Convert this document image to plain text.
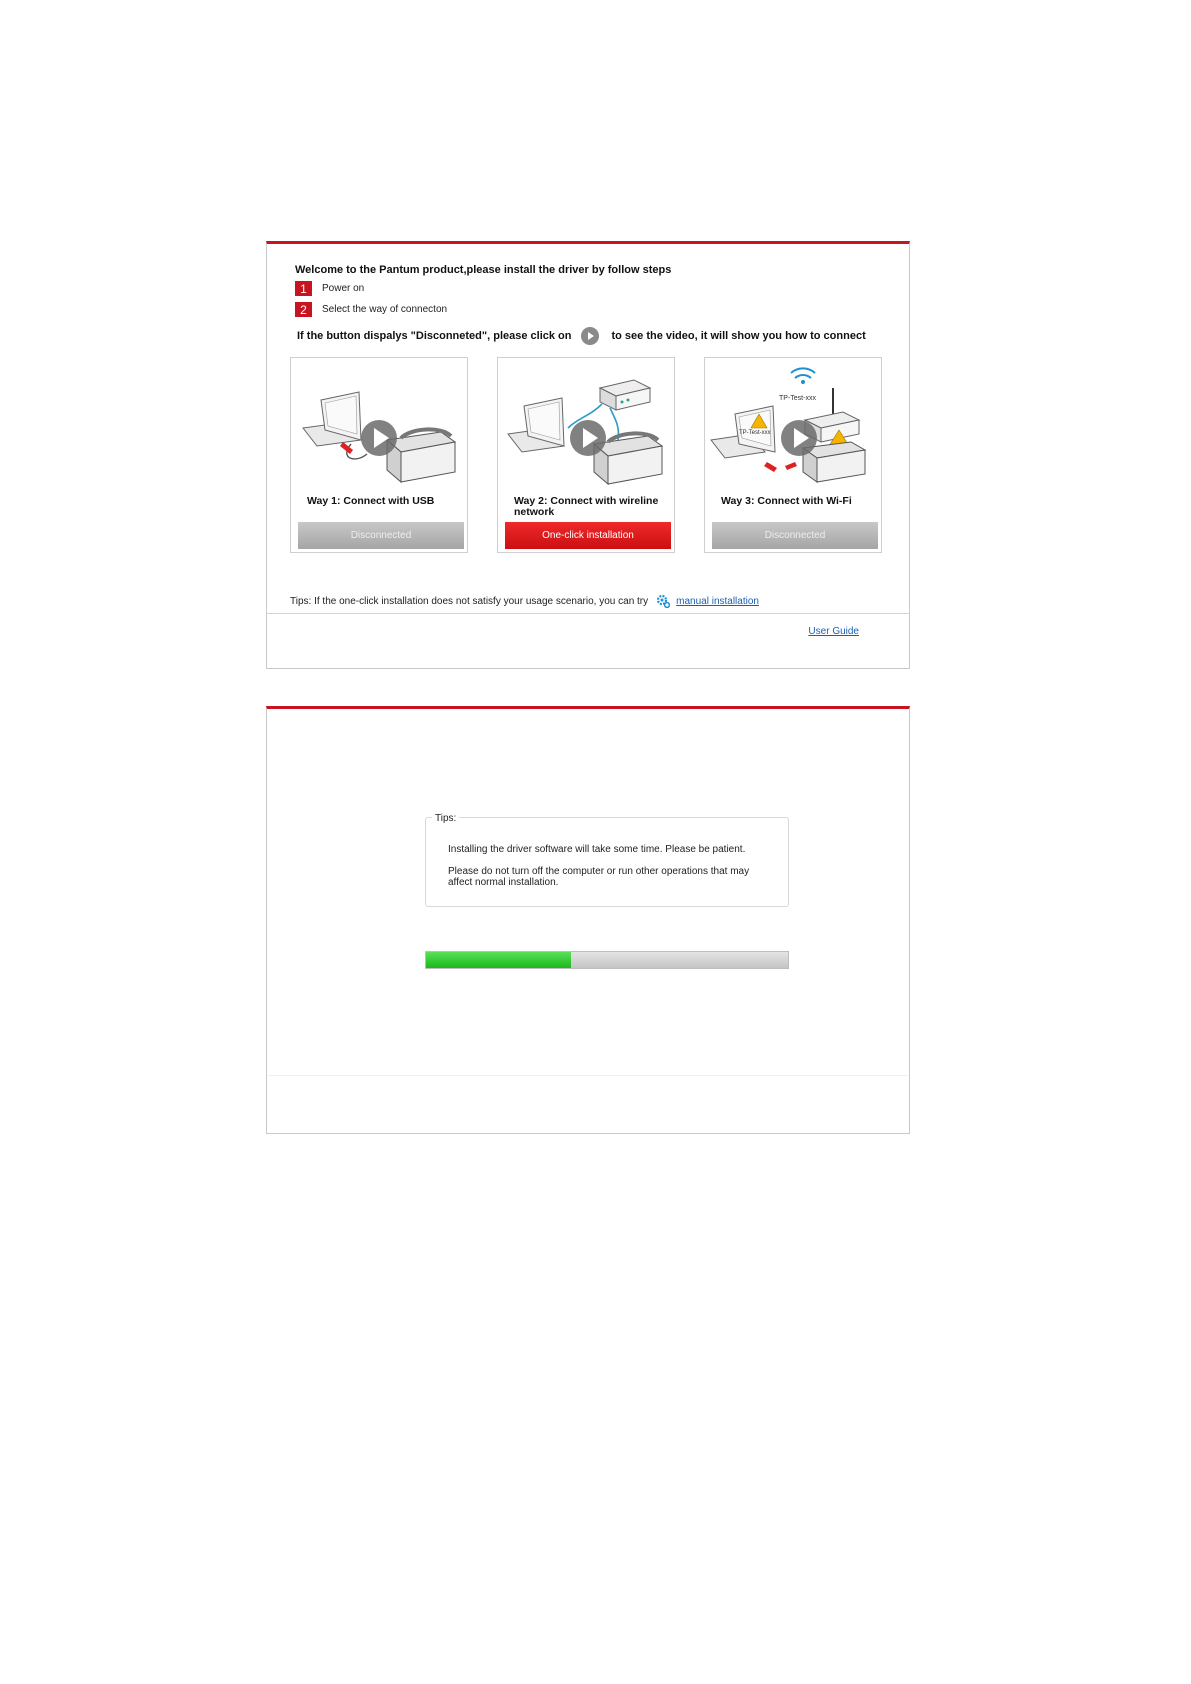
Welcome to the Pantum product,please install the driver by follow steps
1	Power on
2	Select the way of connecton
If the button dispalys "Disconneted", please click on	to see the video, it will show you how to connect
Way 1: Connect with USB
Disconnected
Way 2: Connect with wireline network
One-click installation
TP-Test-xxx
TP-Test-xxx
Way 3: Connect with Wi-Fi
Disconnected
Tips: If the one-click installation does not satisfy your usage scenario, you can try	manual installation
User Guide
Tips:
Installing the driver software will take some time. Please be patient.
Please do not turn off the computer or run other operations that may affect normal installation.
